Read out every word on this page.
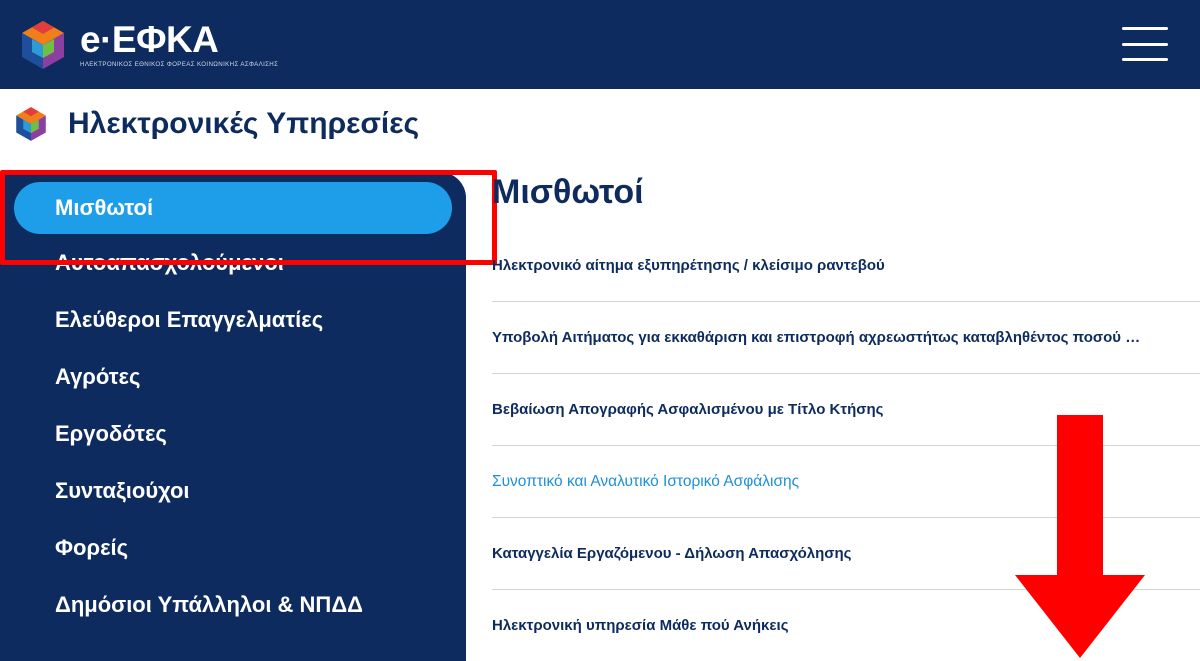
e·ΕΦΚΑ
ΗΛΕΚΤΡΟΝΙΚΟΣ ΕΘΝΙΚΟΣ ΦΟΡΕΑΣ ΚΟΙΝΩΝΙΚΗΣ ΑΣΦΑΛΙΣΗΣ
Ηλεκτρονικές Υπηρεσίες
Μισθωτοί
Αυτοαπασχολούμενοι
Ελεύθεροι Επαγγελματίες
Αγρότες
Εργοδότες
Συνταξιούχοι
Φορείς
Δημόσιοι Υπάλληλοι & ΝΠΔΔ
Μισθωτοί
Ηλεκτρονικό αίτημα εξυπηρέτησης / κλείσιμο ραντεβού
Υποβολή Αιτήματος για εκκαθάριση και επιστροφή αχρεωστήτως καταβληθέντος ποσού …
Βεβαίωση Απογραφής Ασφαλισμένου με Τίτλο Κτήσης
Συνοπτικό και Αναλυτικό Ιστορικό Ασφάλισης
Καταγγελία Εργαζόμενου - Δήλωση Απασχόλησης
Ηλεκτρονική υπηρεσία Μάθε πού Ανήκεις
